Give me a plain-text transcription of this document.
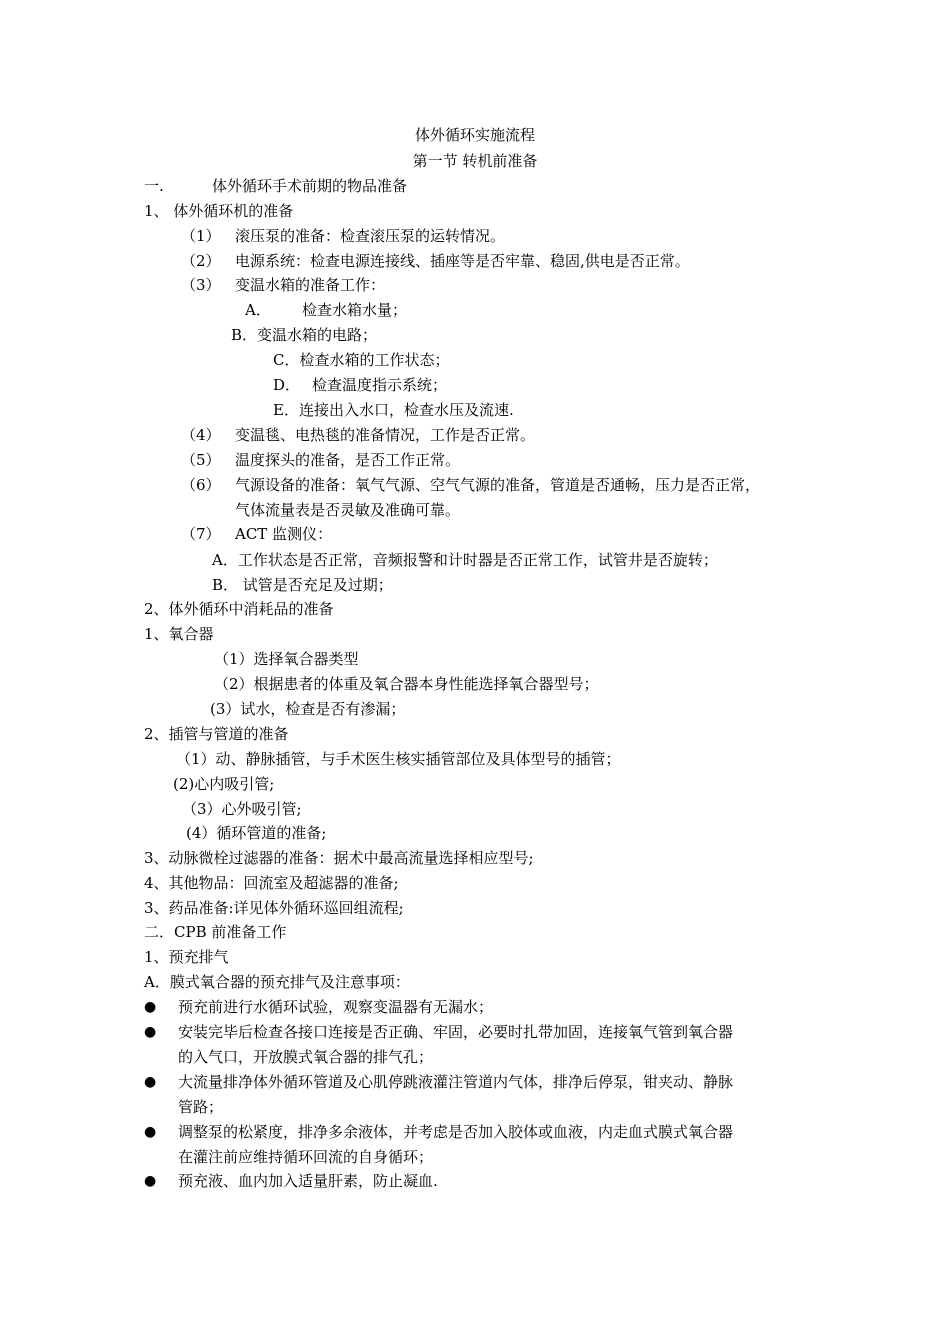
体外循环实施流程
第一节 转机前准备
一.	体外循环手术前期的物品准备
1、 体外循环机的准备
（1） 滚压泵的准备：检查滚压泵的运转情况。
（2） 电源系统：检查电源连接线、插座等是否牢靠、稳固,供电是否正常。
（3） 变温水箱的准备工作：
A． 检查水箱水量；
B．变温水箱的电路；
C．检查水箱的工作状态；
D． 检查温度指示系统；
E．连接出入水口，检查水压及流速.
（4） 变温毯、电热毯的准备情况，工作是否正常。
（5） 温度探头的准备，是否工作正常。
（6） 气源设备的准备：氧气气源、空气气源的准备，管道是否通畅，压力是否正常，
气体流量表是否灵敏及准确可靠。
（7） ACT 监测仪：
A．工作状态是否正常，音频报警和计时器是否正常工作，试管井是否旋转；
B． 试管是否充足及过期；
2、体外循环中消耗品的准备
1、氧合器
（1）选择氧合器类型
（2）根据患者的体重及氧合器本身性能选择氧合器型号；
(3）试水，检查是否有渗漏；
2、插管与管道的准备
（1）动、静脉插管，与手术医生核实插管部位及具体型号的插管；
(2)心内吸引管;
（3）心外吸引管;
(4）循环管道的准备;
3、动脉微栓过滤器的准备：据术中最高流量选择相应型号;
4、其他物品：回流室及超滤器的准备;
3、药品准备:详见体外循环巡回组流程;
二．CPB 前准备工作
1、预充排气
A．膜式氧合器的预充排气及注意事项：
● 预充前进行水循环试验，观察变温器有无漏水；
● 安装完毕后检查各接口连接是否正确、牢固，必要时扎带加固，连接氧气管到氧合器
的入气口，开放膜式氧合器的排气孔；
● 大流量排净体外循环管道及心肌停跳液灌注管道内气体，排净后停泵，钳夹动、静脉
管路；
● 调整泵的松紧度，排净多余液体，并考虑是否加入胶体或血液，内走血式膜式氧合器
在灌注前应维持循环回流的自身循环；
● 预充液、血内加入适量肝素，防止凝血.
